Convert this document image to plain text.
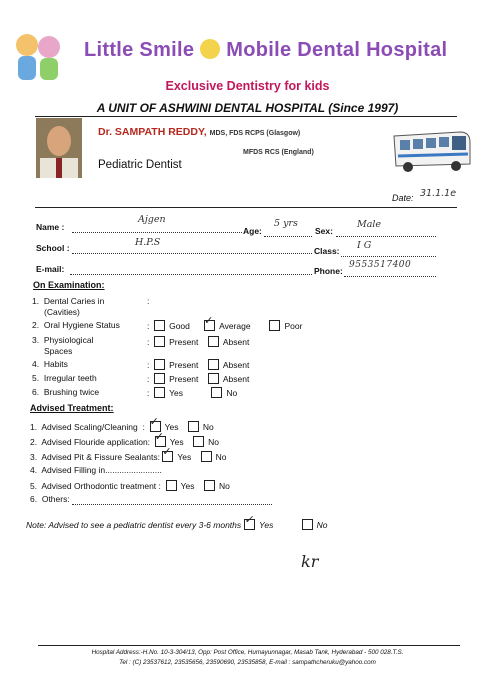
Little Smile Mobile Dental Hospital
Exclusive Dentistry for kids
A UNIT OF ASHWINI DENTAL HOSPITAL (Since 1997)
Dr. SAMPATH REDDY, MDS, FDS RCPS (Glasgow)
MFDS RCS (England)
Pediatric Dentist
Date: 31.1.1e
Name :
Ajgen
Age:
5 yrs
Sex:
Male
School :	H.P.S
Class: I G
E-mail:	Phone:
9553517400
On Examination:
1. Dental Caries in
(Cavities)
:
2. Oral Hygiene Status	:  Good ✓ Average	Poor
3. Physiological
Spaces
:  Present	Absent
4. Habits	:  Present	Absent
5. Irregular teeth	:  Present	Absent
6. Brushing twice	:  Yes	No
Advised Treatment:
1. Advised Scaling/Cleaning  : ✓ Yes	No
2. Advised Flouride application: ✓ Yes	No
3. Advised Pit & Fissure Sealants: ✓ Yes	No
4. Advised Filling in........................
5. Advised Orthodontic treatment : Yes	No
6. Others:
Note: Advised to see a pediatric dentist every 3-6 months ✓ Yes	No
kr
Hospital Address:-H.No. 10-3-304/13, Opp: Post Office, Humayunnagar, Masab Tank, Hyderabad - 500 028.T.S.
Tel : (C) 23537612, 23535656, 23590690, 23535858, E-mail : sampathcheruku@yahoo.com
